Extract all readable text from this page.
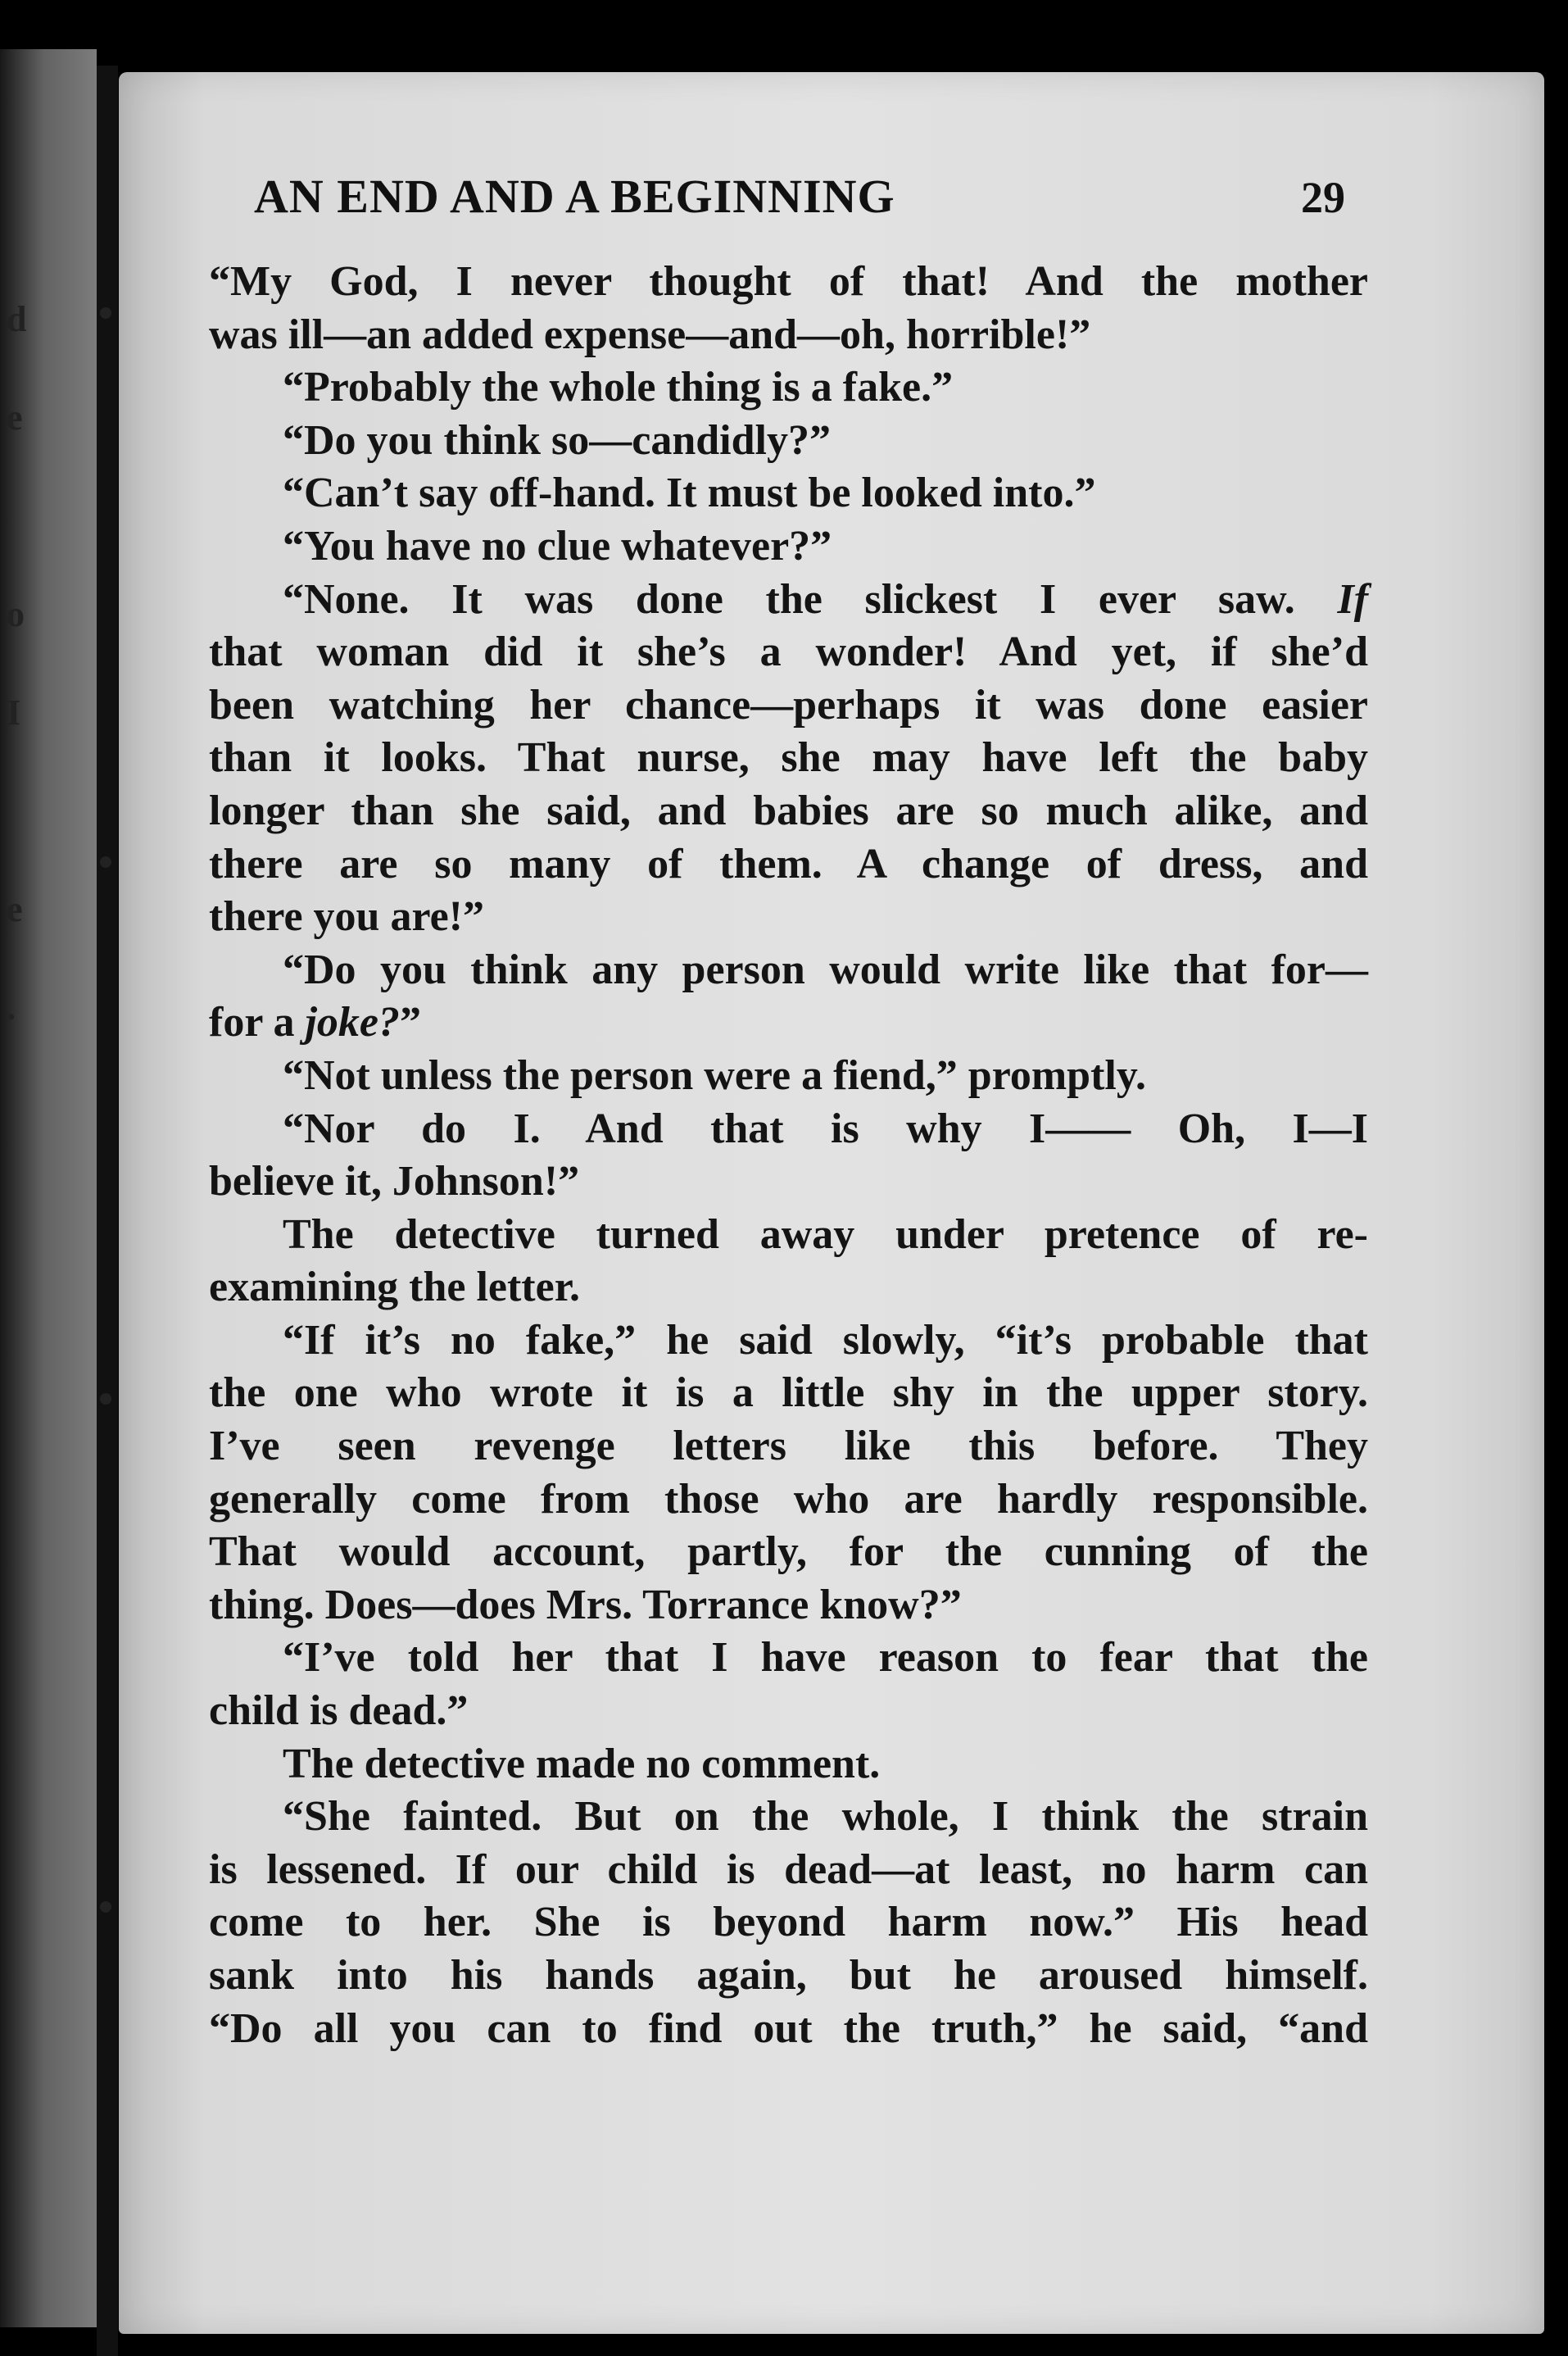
d
e
o
I
e
.
AN END AND A BEGINNING	29
“My God, I never thought of that! And the mother
was ill—an added expense—and—oh, horrible!”
“Probably the whole thing is a fake.”
“Do you think so—candidly?”
“Can’t say off-hand. It must be looked into.”
“You have no clue whatever?”
“None. It was done the slickest I ever saw. If
that woman did it she’s a wonder! And yet, if she’d
been watching her chance—perhaps it was done easier
than it looks. That nurse, she may have left the baby
longer than she said, and babies are so much alike, and
there are so many of them. A change of dress, and
there you are!”
“Do you think any person would write like that for—
for a joke?”
“Not unless the person were a fiend,” promptly.
“Nor do I. And that is why I—— Oh, I—I
believe it, Johnson!”
The detective turned away under pretence of re-
examining the letter.
“If it’s no fake,” he said slowly, “it’s probable that
the one who wrote it is a little shy in the upper story.
I’ve seen revenge letters like this before. They
generally come from those who are hardly responsible.
That would account, partly, for the cunning of the
thing. Does—does Mrs. Torrance know?”
“I’ve told her that I have reason to fear that the
child is dead.”
The detective made no comment.
“She fainted. But on the whole, I think the strain
is lessened. If our child is dead—at least, no harm can
come to her. She is beyond harm now.” His head
sank into his hands again, but he aroused himself.
“Do all you can to find out the truth,” he said, “and
